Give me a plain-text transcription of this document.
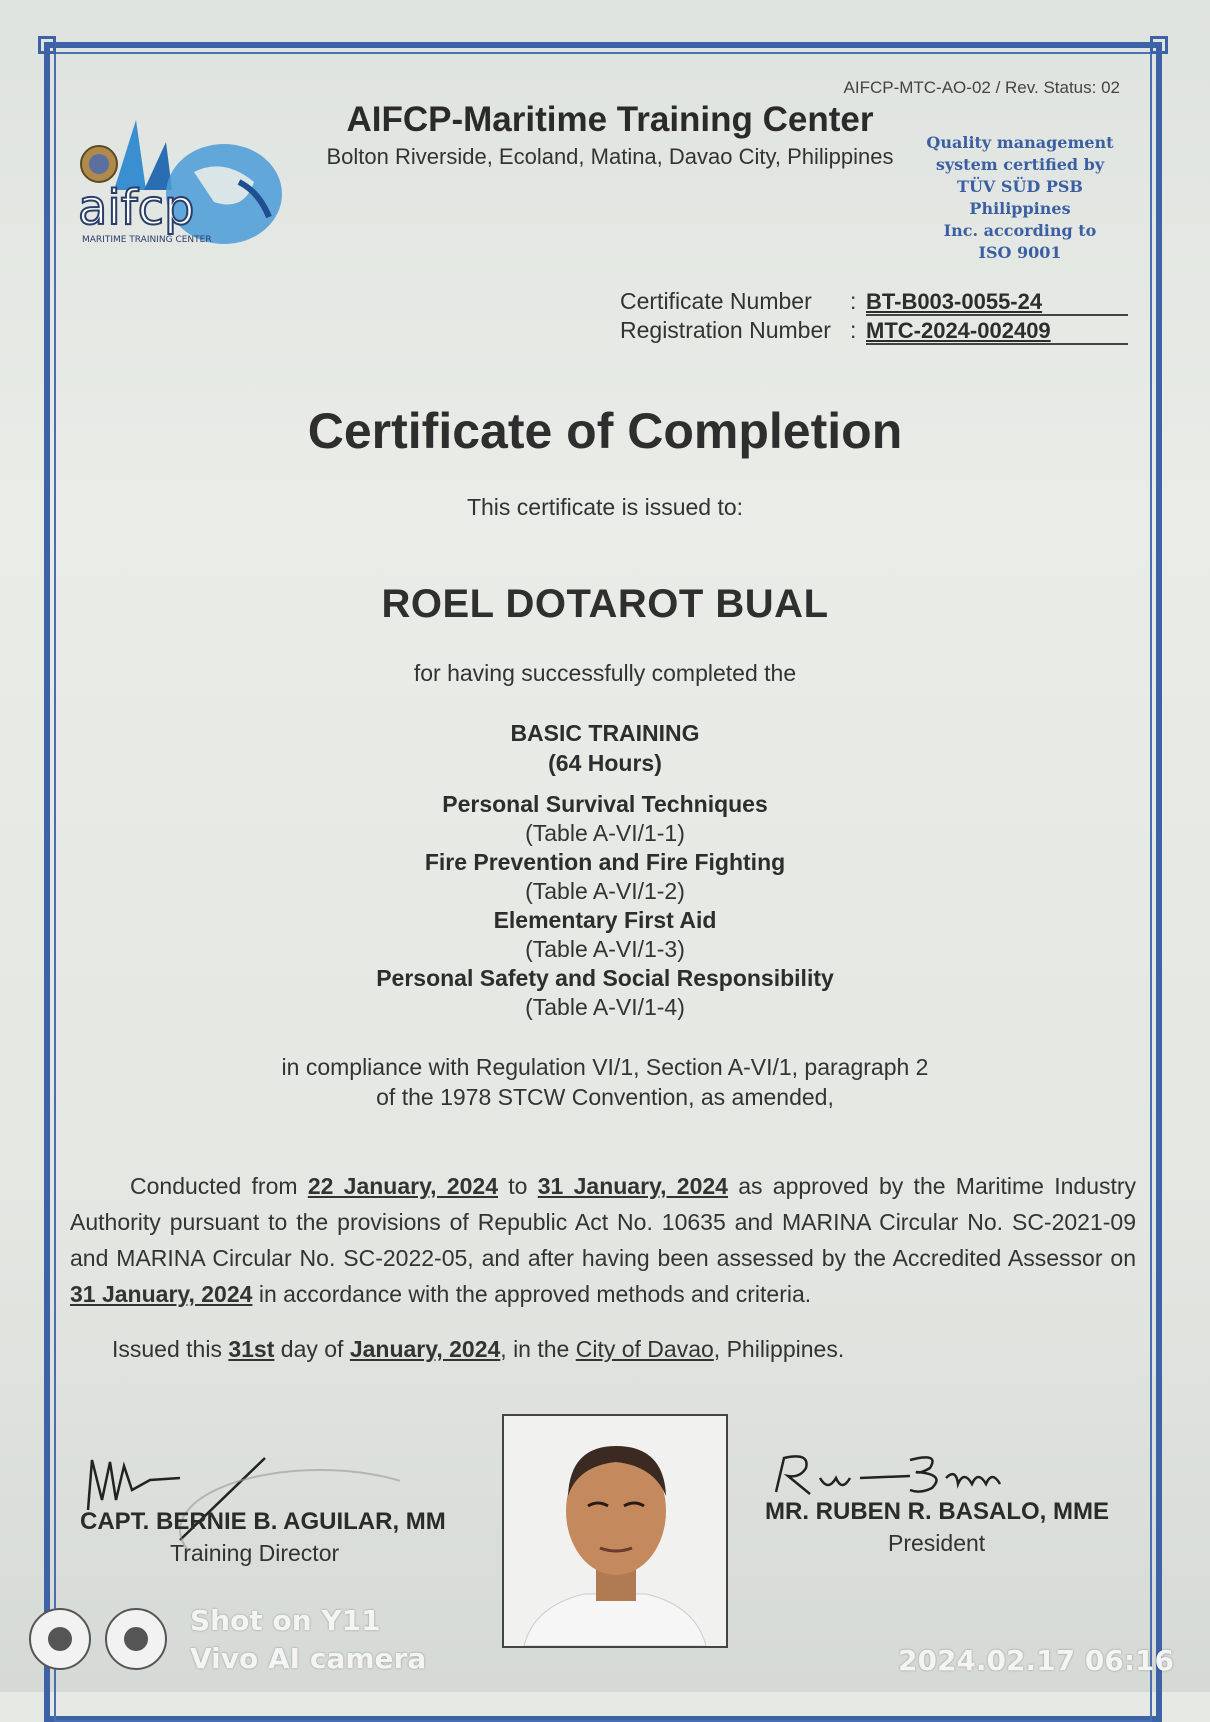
AIFCP-MTC-AO-02 / Rev. Status: 02
aifcp
MARITIME TRAINING CENTER
AIFCP-Maritime Training Center
Bolton Riverside, Ecoland, Matina, Davao City, Philippines
Quality management
system certified by
TÜV SÜD PSB Philippines
Inc. according to
ISO 9001
Certificate Number : BT-B003-0055-24
Registration Number : MTC-2024-002409
Certificate of Completion
This certificate is issued to:
ROEL DOTAROT BUAL
for having successfully completed the
BASIC TRAINING
(64 Hours)
Personal Survival Techniques
(Table A-VI/1-1)
Fire Prevention and Fire Fighting
(Table A-VI/1-2)
Elementary First Aid
(Table A-VI/1-3)
Personal Safety and Social Responsibility
(Table A-VI/1-4)
in compliance with Regulation VI/1, Section A-VI/1, paragraph 2
of the 1978 STCW Convention, as amended,
Conducted from 22 January, 2024 to 31 January, 2024 as approved by the Maritime Industry Authority pursuant to the provisions of Republic Act No. 10635 and MARINA Circular No. SC-2021-09 and MARINA Circular No. SC-2022-05, and after having been assessed by the Accredited Assessor on 31 January, 2024 in accordance with the approved methods and criteria.
Issued this 31st day of January, 2024, in the City of Davao, Philippines.
CAPT. BERNIE B. AGUILAR, MM
Training Director
MR. RUBEN R. BASALO, MME
President
Shot on Y11
Vivo AI camera	2024.02.17 06:16
